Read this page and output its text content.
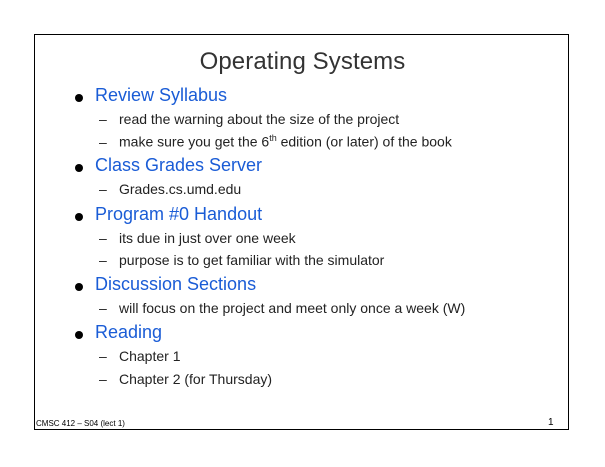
Operating Systems
Review Syllabus
– read the warning about the size of the project
– make sure you get the 6th edition (or later) of the book
Class Grades Server
– Grades.cs.umd.edu
Program #0 Handout
– its due in just over one week
– purpose is to get familiar with the simulator
Discussion Sections
– will focus on the project and meet only once a week (W)
Reading
– Chapter 1
– Chapter 2 (for Thursday)
CMSC 412 – S04 (lect 1)	1
